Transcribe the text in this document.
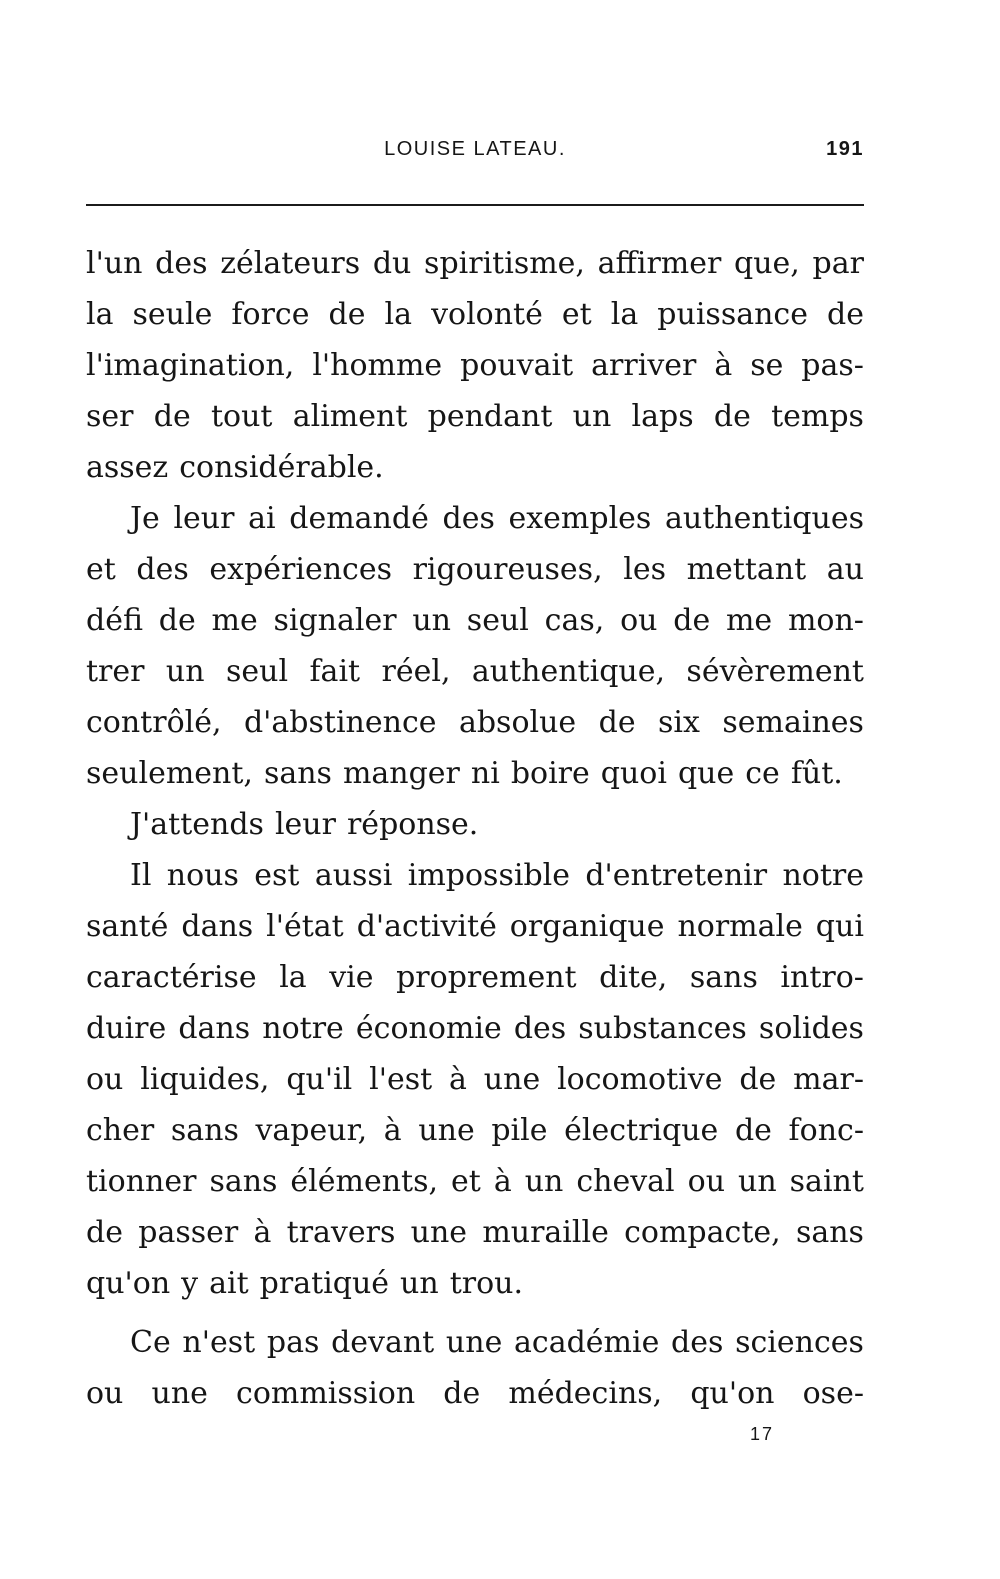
LOUISE LATEAU.	191
l'un des zélateurs du spiritisme, affirmer que, par
la seule force de la volonté et la puissance de
l'imagination, l'homme pouvait arriver à se pas-
ser de tout aliment pendant un laps de temps
assez considérable.
Je leur ai demandé des exemples authentiques
et des expériences rigoureuses, les mettant au
défi de me signaler un seul cas, ou de me mon-
trer un seul fait réel, authentique, sévèrement
contrôlé, d'abstinence absolue de six semaines
seulement, sans manger ni boire quoi que ce fût.
J'attends leur réponse.
Il nous est aussi impossible d'entretenir notre
santé dans l'état d'activité organique normale qui
caractérise la vie proprement dite, sans intro-
duire dans notre économie des substances solides
ou liquides, qu'il l'est à une locomotive de mar-
cher sans vapeur, à une pile électrique de fonc-
tionner sans éléments, et à un cheval ou un saint
de passer à travers une muraille compacte, sans
qu'on y ait pratiqué un trou.
Ce n'est pas devant une académie des sciences
ou une commission de médecins, qu'on ose-
17
